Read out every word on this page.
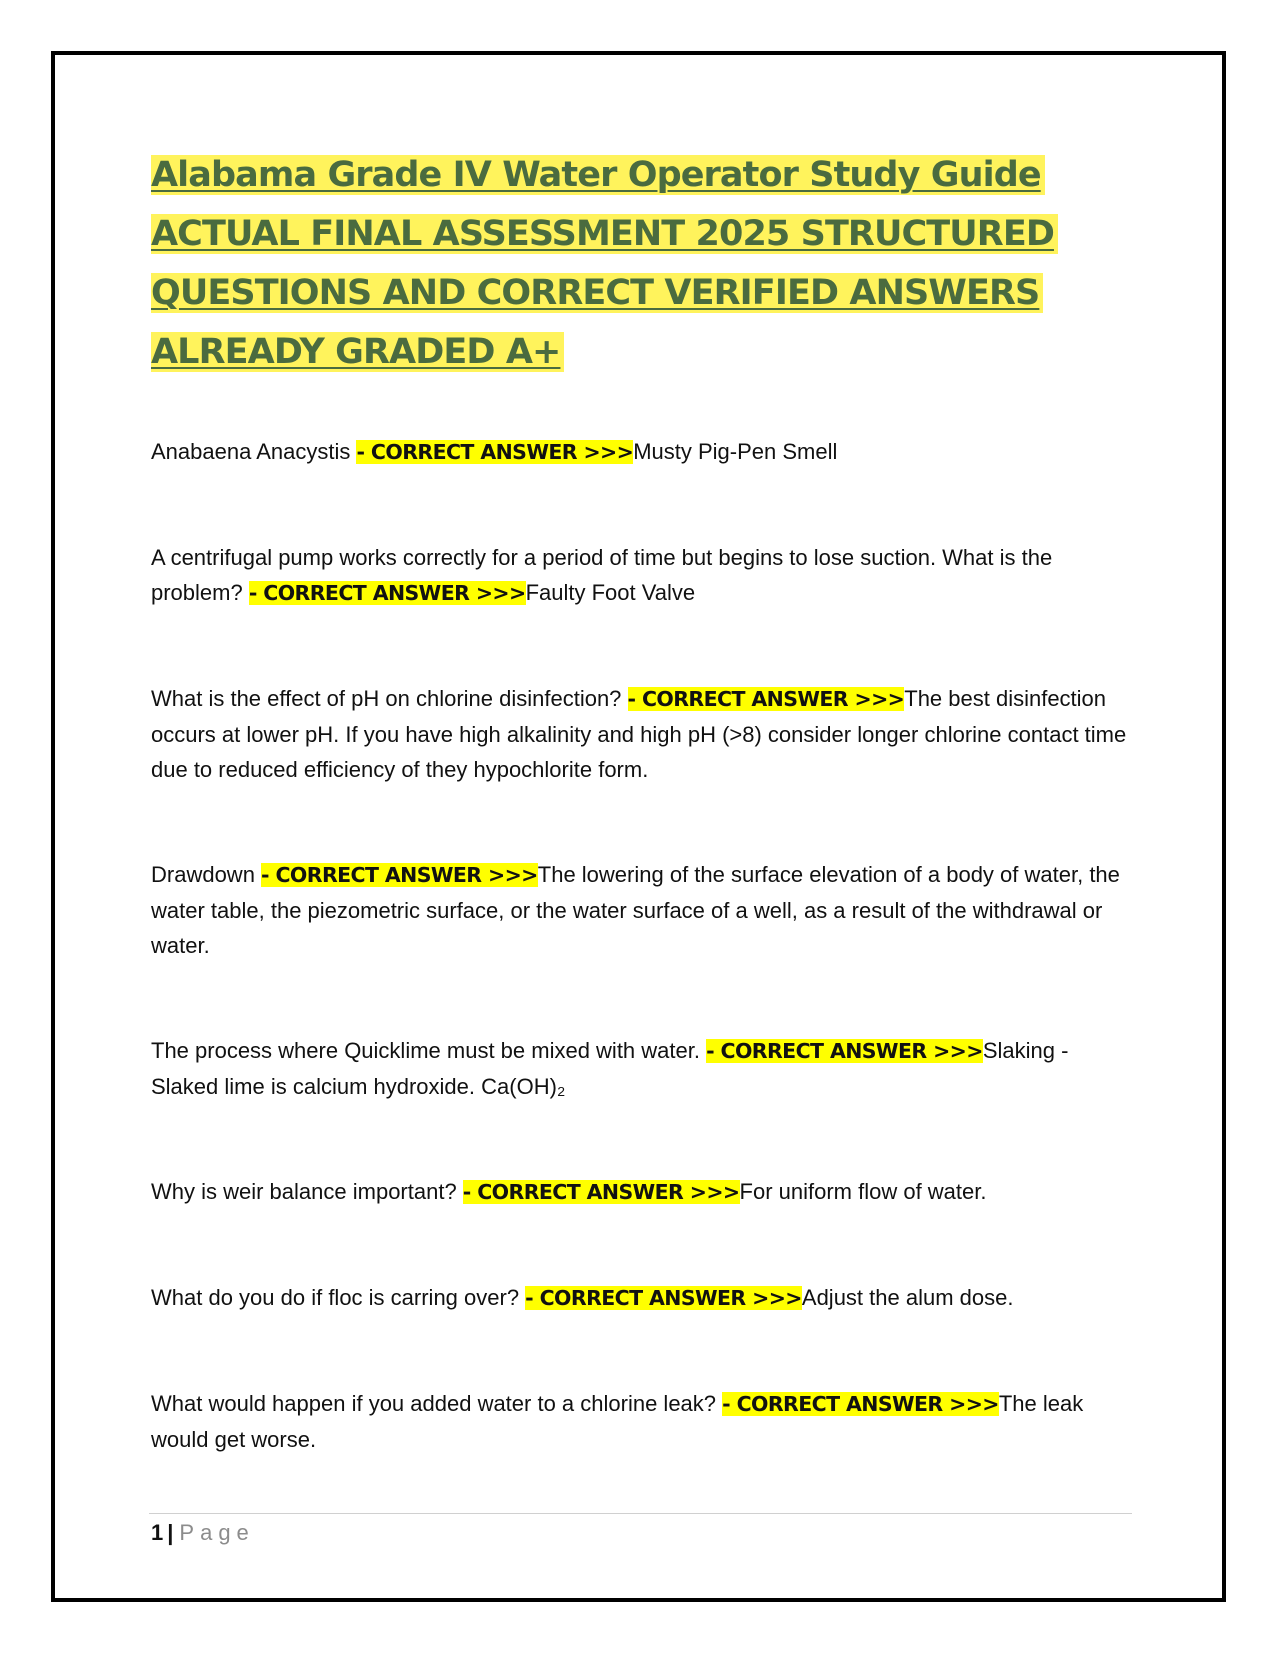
Alabama Grade IV Water Operator Study Guide
ACTUAL FINAL ASSESSMENT 2025 STRUCTURED
QUESTIONS AND CORRECT VERIFIED ANSWERS
ALREADY GRADED A+

Anabaena Anacystis - CORRECT ANSWER >>>Musty Pig-Pen Smell

A centrifugal pump works correctly for a period of time but begins to lose suction. What is the problem? - CORRECT ANSWER >>>Faulty Foot Valve

What is the effect of pH on chlorine disinfection? - CORRECT ANSWER >>>The best disinfection occurs at lower pH. If you have high alkalinity and high pH (>8) consider longer chlorine contact time due to reduced efficiency of they hypochlorite form.

Drawdown - CORRECT ANSWER >>>The lowering of the surface elevation of a body of water, the water table, the piezometric surface, or the water surface of a well, as a result of the withdrawal or water.

The process where Quicklime must be mixed with water. - CORRECT ANSWER >>>Slaking - Slaked lime is calcium hydroxide. Ca(OH)₂

Why is weir balance important? - CORRECT ANSWER >>>For uniform flow of water.

What do you do if floc is carring over? - CORRECT ANSWER >>>Adjust the alum dose.

What would happen if you added water to a chlorine leak? - CORRECT ANSWER >>>The leak would get worse.

1 | Page
